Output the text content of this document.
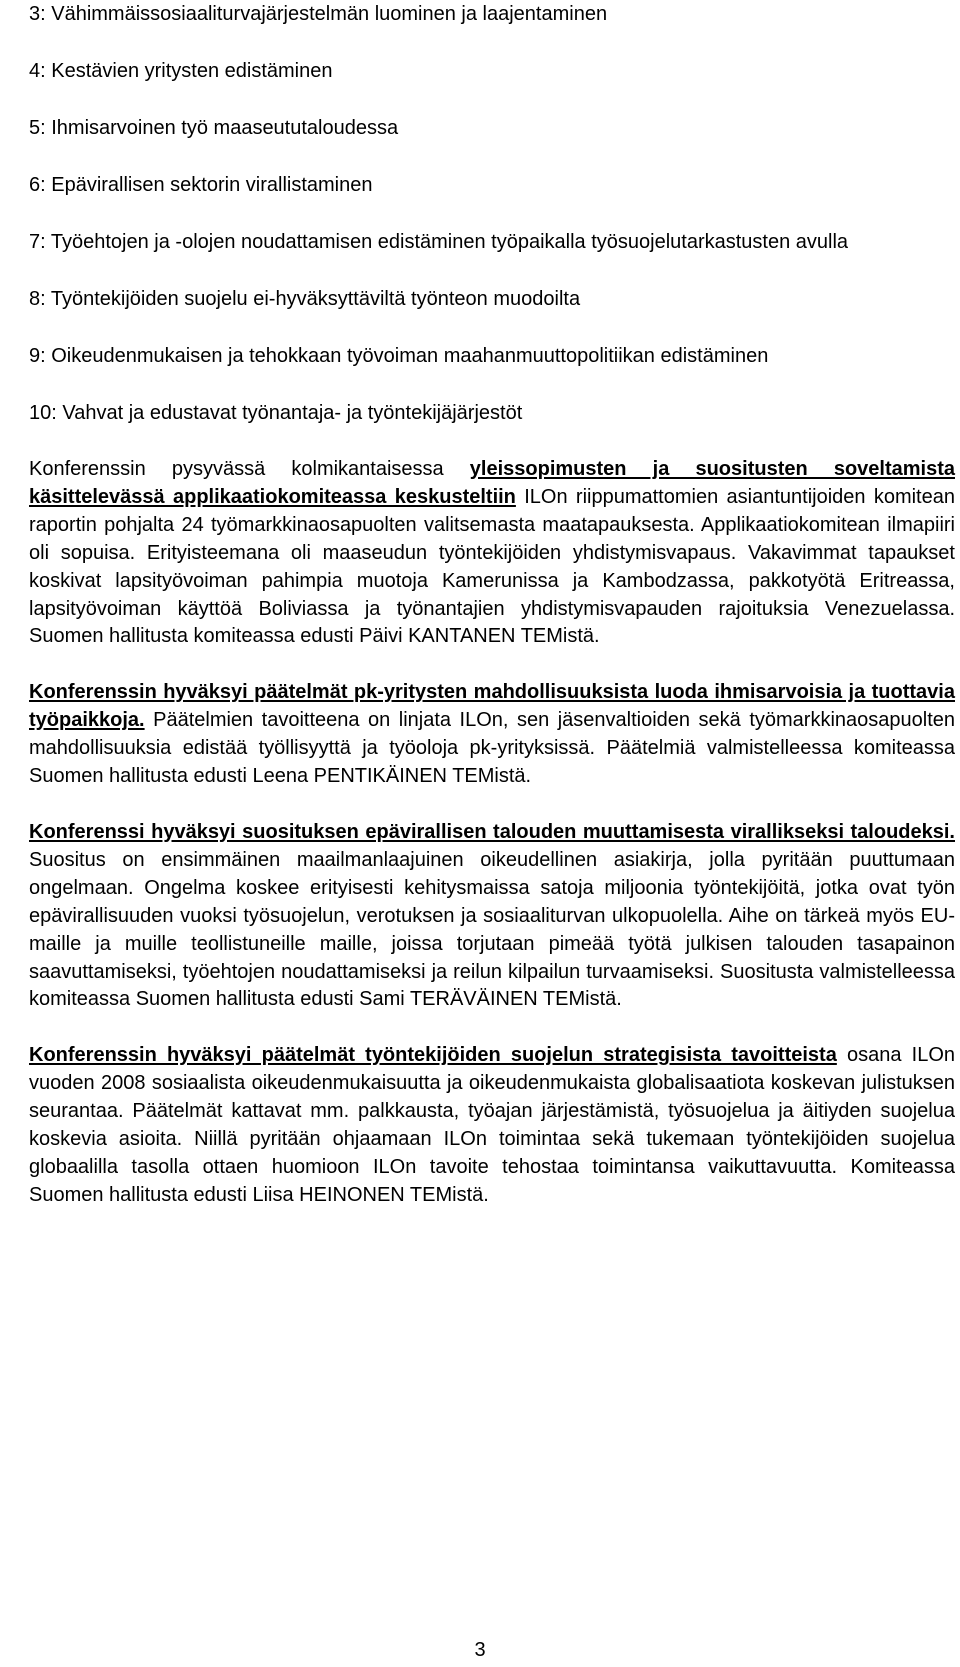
3: Vähimmäissosiaaliturvajärjestelmän luominen ja laajentaminen
4: Kestävien yritysten edistäminen
5: Ihmisarvoinen työ maaseututaloudessa
6: Epävirallisen sektorin virallistaminen
7: Työehtojen ja -olojen noudattamisen edistäminen työpaikalla työsuojelutarkastusten avulla
8: Työntekijöiden suojelu ei-hyväksyttäviltä työnteon muodoilta
9: Oikeudenmukaisen ja tehokkaan työvoiman maahanmuuttopolitiikan edistäminen
10: Vahvat ja edustavat työnantaja- ja työntekijäjärjestöt

Konferenssin pysyvässä kolmikantaisessa yleissopimusten ja suositusten soveltamista käsittelevässä applikaatiokomiteassa keskusteltiin ILOn riippumattomien asiantuntijoiden komitean raportin pohjalta 24 työmarkkinaosapuolten valitsemasta maatapauksesta. Applikaatiokomitean ilmapiiri oli sopuisa. Erityisteemana oli maaseudun työntekijöiden yhdistymisvapaus. Vakavimmat tapaukset koskivat lapsityövoiman pahimpia muotoja Kamerunissa ja Kambodzassa, pakkotyötä Eritreassa, lapsityövoiman käyttöä Boliviassa ja työnantajien yhdistymisvapauden rajoituksia Venezuelassa. Suomen hallitusta komiteassa edusti Päivi KANTANEN TEMistä.

Konferenssin hyväksyi päätelmät pk-yritysten mahdollisuuksista luoda ihmisarvoisia ja tuottavia työpaikkoja. Päätelmien tavoitteena on linjata ILOn, sen jäsenvaltioiden sekä työmarkkinaosapuolten mahdollisuuksia edistää työllisyyttä ja työoloja pk-yrityksissä. Päätelmiä valmistelleessa komiteassa Suomen hallitusta edusti Leena PENTIKÄINEN TEMistä.

Konferenssi hyväksyi suosituksen epävirallisen talouden muuttamisesta virallikseksi taloudeksi. Suositus on ensimmäinen maailmanlaajuinen oikeudellinen asiakirja, jolla pyritään puuttumaan ongelmaan. Ongelma koskee erityisesti kehitysmaissa satoja miljoonia työntekijöitä, jotka ovat työn epävirallisuuden vuoksi työsuojelun, verotuksen ja sosiaaliturvan ulkopuolella. Aihe on tärkeä myös EU-maille ja muille teollistuneille maille, joissa torjutaan pimeää työtä julkisen talouden tasapainon saavuttamiseksi, työehtojen noudattamiseksi ja reilun kilpailun turvaamiseksi. Suositusta valmistelleessa komiteassa Suomen hallitusta edusti Sami TERÄVÄINEN TEMistä.

Konferenssin hyväksyi päätelmät työntekijöiden suojelun strategisista tavoitteista osana ILOn vuoden 2008 sosiaalista oikeudenmukaisuutta ja oikeudenmukaista globalisaatiota koskevan julistuksen seurantaa. Päätelmät kattavat mm. palkkausta, työajan järjestämistä, työsuojelua ja äitiyden suojelua koskevia asioita. Niillä pyritään ohjaamaan ILOn toimintaa sekä tukemaan työntekijöiden suojelua globaalilla tasolla ottaen huomioon ILOn tavoite tehostaa toimintansa vaikuttavuutta. Komiteassa Suomen hallitusta edusti Liisa HEINONEN TEMistä.

3
